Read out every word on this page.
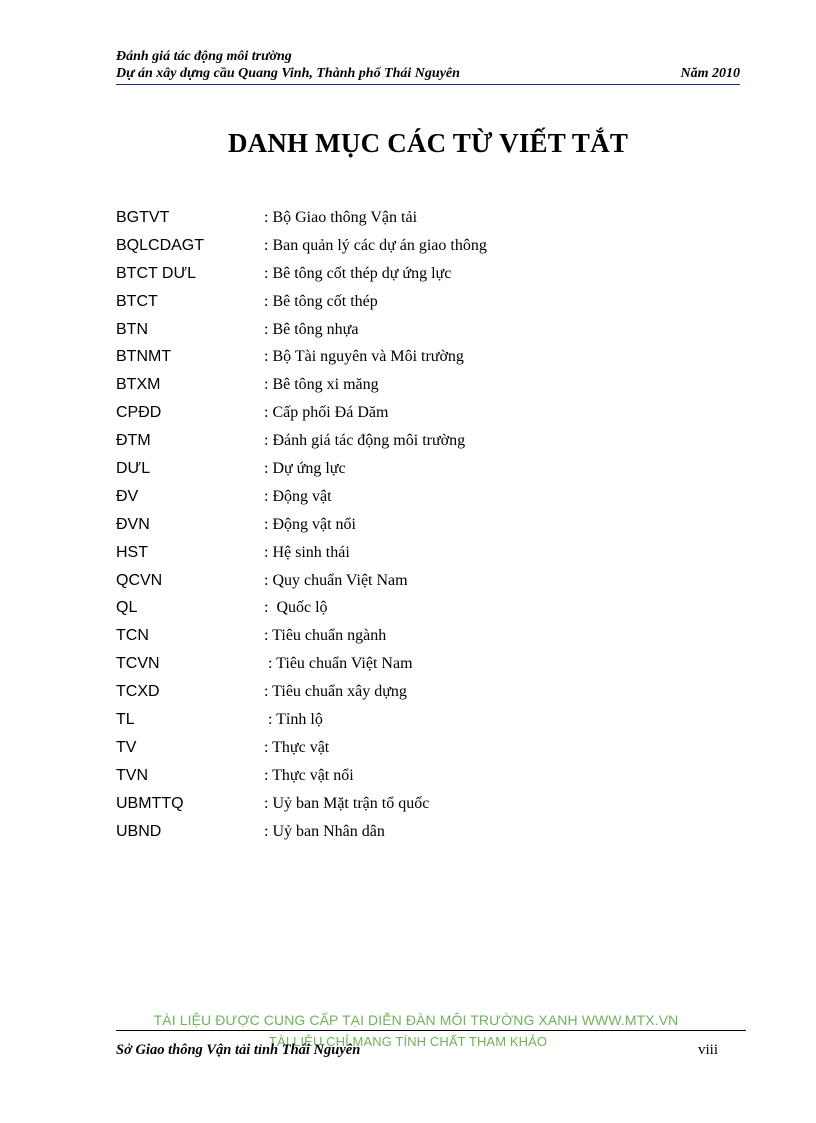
Đánh giá tác động môi trường
Dự án xây dựng cầu Quang Vinh, Thành phố Thái Nguyên	Năm 2010
DANH MỤC CÁC TỪ VIẾT TẮT
BGTVT	: Bộ Giao thông Vận tải
BQLCDAGT	: Ban quản lý các dự án giao thông
BTCT DƯL	: Bê tông cốt thép dự ứng lực
BTCT	: Bê tông cốt thép
BTN	: Bê tông nhựa
BTNMT	: Bộ Tài nguyên và Môi trường
BTXM	: Bê tông xi măng
CPĐD	: Cấp phối Đá Dăm
ĐTM	: Đánh giá tác động môi trường
DƯL	: Dự ứng lực
ĐV	: Động vật
ĐVN	: Động vật nổi
HST	: Hệ sinh thái
QCVN	: Quy chuẩn Việt Nam
QL	:  Quốc lộ
TCN	: Tiêu chuẩn ngành
TCVN	: Tiêu chuẩn Việt Nam
TCXD	: Tiêu chuẩn xây dựng
TL	: Tỉnh lộ
TV	: Thực vật
TVN	: Thực vật nổi
UBMTTQ	: Uỷ ban Mặt trận tổ quốc
UBND	: Uỷ ban Nhân dân
TÀI LIỆU ĐƯỢC CUNG CẤP TẠI DIỄN ĐÀN MÔI TRƯỜNG XANH WWW.MTX.VN
TÀI LIỆU CHỈ MANG TÍNH CHẤT THAM KHẢO
Sở Giao thông Vận tải tỉnh Thái Nguyên	viii
